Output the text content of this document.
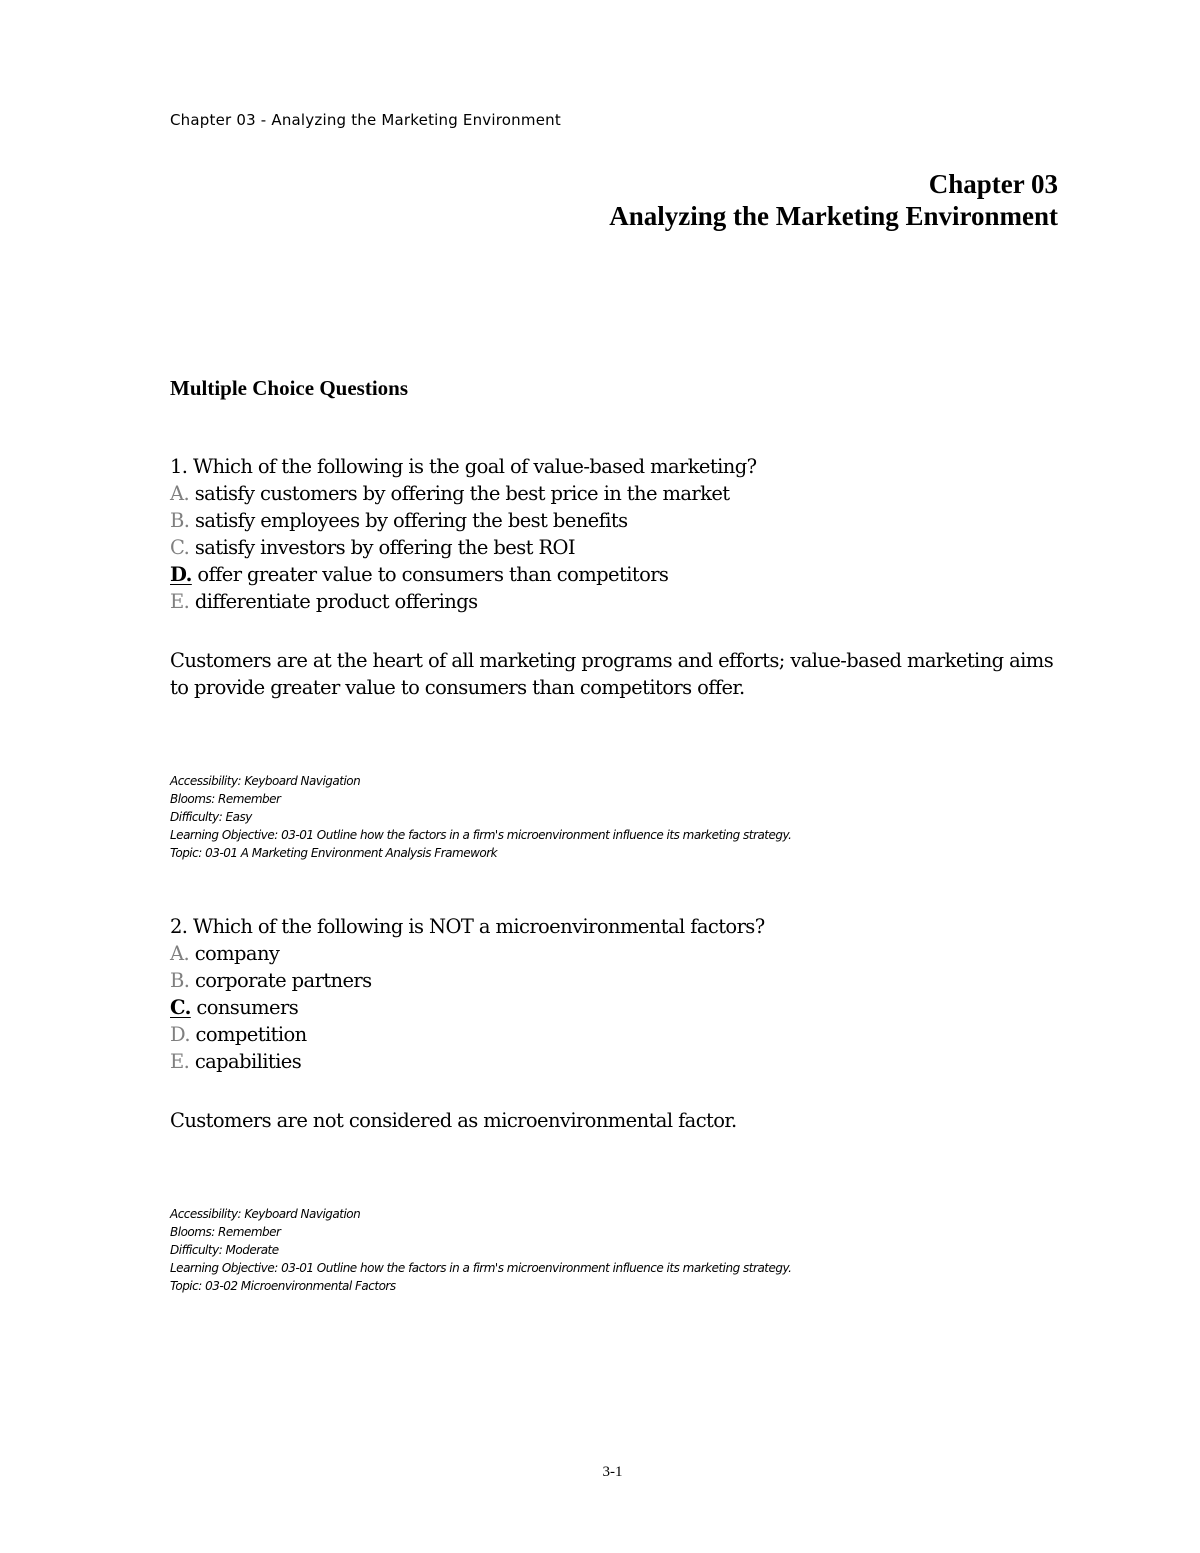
Chapter 03 - Analyzing the Marketing Environment
Chapter 03
Analyzing the Marketing Environment
Multiple Choice Questions
1. Which of the following is the goal of value-based marketing?
A. satisfy customers by offering the best price in the market
B. satisfy employees by offering the best benefits
C. satisfy investors by offering the best ROI
D. offer greater value to consumers than competitors
E. differentiate product offerings
Customers are at the heart of all marketing programs and efforts; value-based marketing aims to provide greater value to consumers than competitors offer.
Accessibility: Keyboard Navigation
Blooms: Remember
Difficulty: Easy
Learning Objective: 03-01 Outline how the factors in a firm's microenvironment influence its marketing strategy.
Topic: 03-01 A Marketing Environment Analysis Framework
2. Which of the following is NOT a microenvironmental factors?
A. company
B. corporate partners
C. consumers
D. competition
E. capabilities
Customers are not considered as microenvironmental factor.
Accessibility: Keyboard Navigation
Blooms: Remember
Difficulty: Moderate
Learning Objective: 03-01 Outline how the factors in a firm's microenvironment influence its marketing strategy.
Topic: 03-02 Microenvironmental Factors
3-1
